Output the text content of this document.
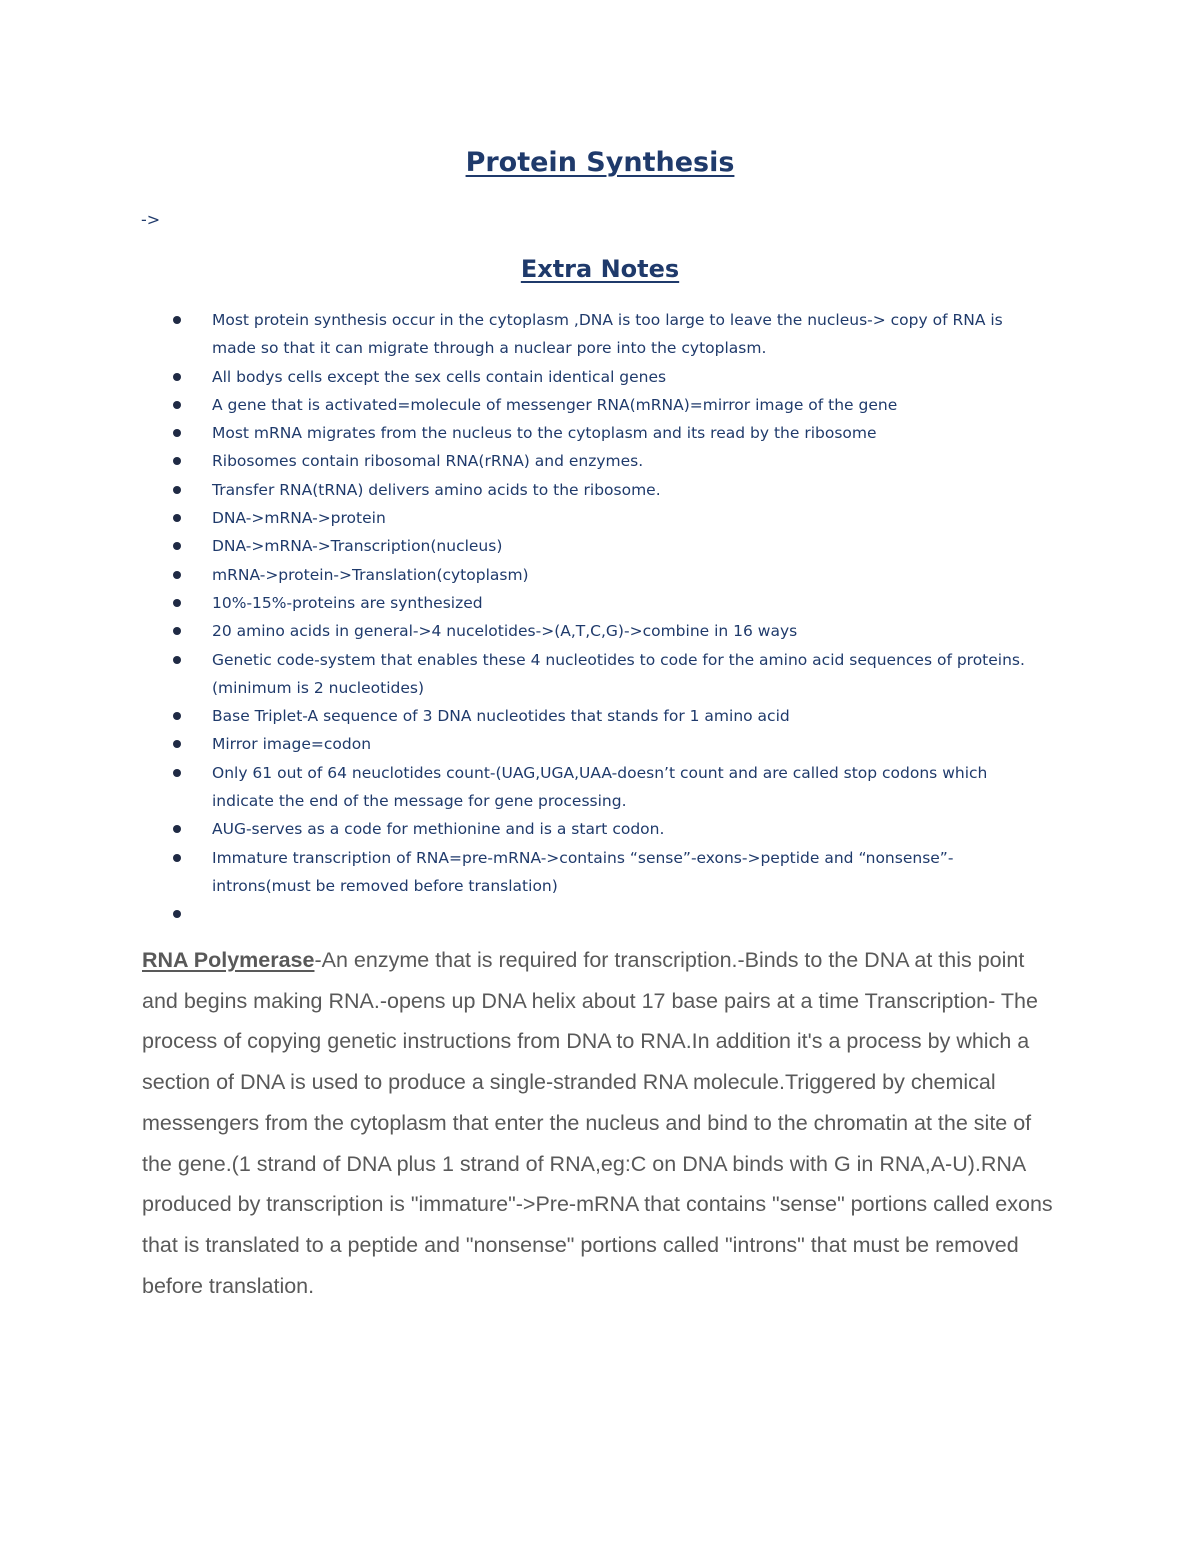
Protein Synthesis
->
Extra Notes
Most protein synthesis occur in the cytoplasm ,DNA is too large to leave the nucleus-> copy of RNA is made so that it can migrate through a nuclear pore into the cytoplasm.
All bodys cells except the sex cells contain identical genes
A gene that is activated=molecule of messenger RNA(mRNA)=mirror image of the gene
Most mRNA migrates from the nucleus to the cytoplasm and its read by the ribosome
Ribosomes contain ribosomal RNA(rRNA) and enzymes.
Transfer RNA(tRNA) delivers amino acids to the ribosome.
DNA->mRNA->protein
DNA->mRNA->Transcription(nucleus)
mRNA->protein->Translation(cytoplasm)
10%-15%-proteins are synthesized
20 amino acids in general->4 nucelotides->(A,T,C,G)->combine in 16 ways
Genetic code-system that enables these 4 nucleotides to code for the amino acid sequences of proteins.(minimum is 2 nucleotides)
Base Triplet-A sequence of 3 DNA nucleotides that stands for 1 amino acid
Mirror image=codon
Only 61 out of 64 neuclotides count-(UAG,UGA,UAA-doesn’t count and are called stop codons which indicate the end of the message for gene processing.
AUG-serves as a code for methionine and is a start codon.
Immature transcription of RNA=pre-mRNA->contains “sense”-exons->peptide and “nonsense”-introns(must be removed before translation)

RNA Polymerase-An enzyme that is required for transcription.-Binds to the DNA at this point and begins making RNA.-opens up DNA helix about 17 base pairs at a time Transcription- The process of copying genetic instructions from DNA to RNA.In addition it's a process by which a section of DNA is used to produce a single-stranded RNA molecule.Triggered by chemical messengers from the cytoplasm that enter the nucleus and bind to the chromatin at the site of the gene.(1 strand of DNA plus 1 strand of RNA,eg:C on DNA binds with G in RNA,A-U).RNA produced by transcription is "immature"->Pre-mRNA that contains "sense" portions called exons that is translated to a peptide and "nonsense" portions called "introns" that must be removed before translation.
